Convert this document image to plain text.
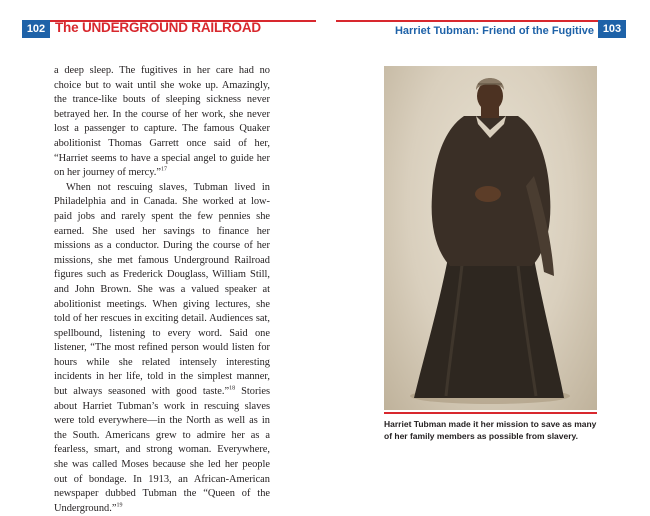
102 The UNDERGROUND RAILROAD	Harriet Tubman: Friend of the Fugitive 103

a deep sleep. The fugitives in her care had no choice but to wait until she woke up. Amazingly, the trance-like bouts of sleeping sickness never betrayed her. In the course of her work, she never lost a passenger to capture. The famous Quaker abolitionist Thomas Garrett once said of her, “Harriet seems to have a special angel to guide her on her journey of mercy.”$^{17}$

When not rescuing slaves, Tubman lived in Philadelphia and in Canada. She worked at low-paid jobs and rarely spent the few pennies she earned. She used her savings to finance her missions as a conductor. During the course of her missions, she met famous Underground Railroad figures such as Frederick Douglass, William Still, and John Brown. She was a valued speaker at abolitionist meetings. When giving lectures, she told of her rescues in exciting detail. Audiences sat, spellbound, listening to every word. Said one listener, “The most refined person would listen for hours while she related intensely interesting incidents in her life, told in the simplest manner, but always seasoned with good taste.”$^{18}$ Stories about Harriet Tubman’s work in rescuing slaves were told everywhere—in the North as well as in the South. Americans grew to admire her as a fearless, smart, and strong woman. Everywhere, she was called Moses because she led her people out of bondage. In 1913, an African-American newspaper dubbed Tubman the “Queen of the Underground.”$^{19}$

Harriet Tubman made it her mission to save as many of her family members as possible from slavery.
